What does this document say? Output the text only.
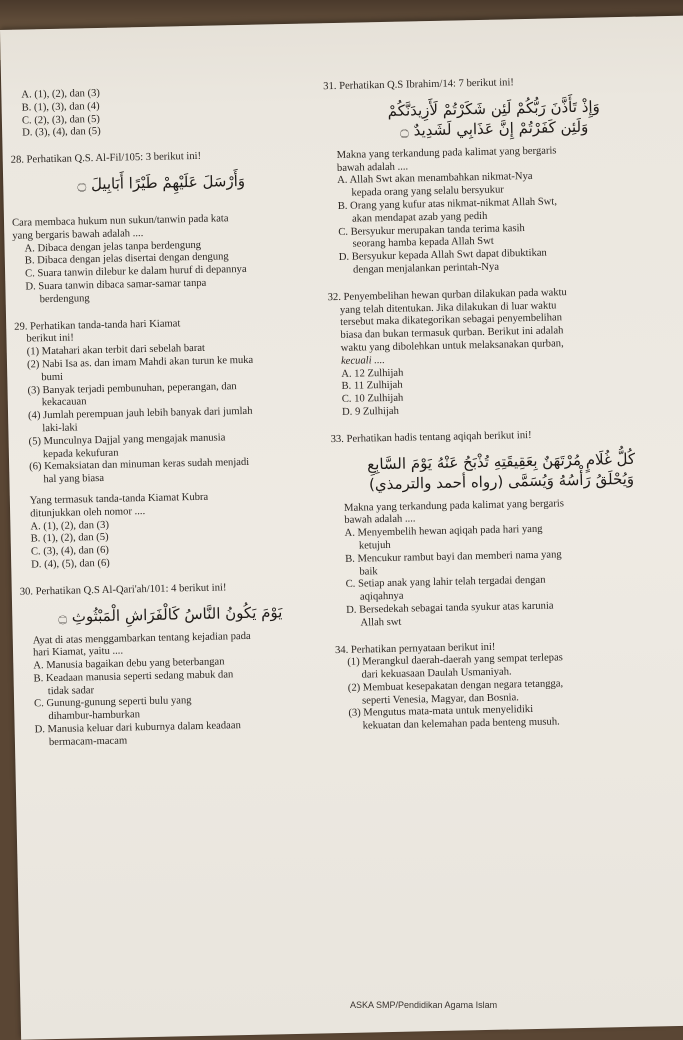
A. (1), (2), dan (3)
B. (1), (3), dan (4)
C. (2), (3), dan (5)
D. (3), (4), dan (5)
28. Perhatikan Q.S. Al-Fil/105: 3 berikut ini!
وَأَرْسَلَ عَلَيْهِمْ طَيْرًا أَبَابِيلَ ۝
Cara membaca hukum nun sukun/tanwin pada kata
yang bergaris bawah adalah ....
A. Dibaca dengan jelas tanpa berdengung
B. Dibaca dengan jelas disertai dengan dengung
C. Suara tanwin dilebur ke dalam huruf di depannya
D. Suara tanwin dibaca samar-samar tanpa
berdengung
29. Perhatikan tanda-tanda hari Kiamat
berikut ini!
(1) Matahari akan terbit dari sebelah barat
(2) Nabi Isa as. dan imam Mahdi akan turun ke muka
bumi
(3) Banyak terjadi pembunuhan, peperangan, dan
kekacauan
(4) Jumlah perempuan jauh lebih banyak dari jumlah
laki-laki
(5) Munculnya Dajjal yang mengajak manusia
kepada kekufuran
(6) Kemaksiatan dan minuman keras sudah menjadi
hal yang biasa
Yang termasuk tanda-tanda Kiamat Kubra
ditunjukkan oleh nomor ....
A. (1), (2), dan (3)
B. (1), (2), dan (5)
C. (3), (4), dan (6)
D. (4), (5), dan (6)
30. Perhatikan Q.S Al-Qari'ah/101: 4 berikut ini!
يَوْمَ يَكُونُ النَّاسُ كَالْفَرَاشِ الْمَبْثُوثِ ۝
Ayat di atas menggambarkan tentang kejadian pada
hari Kiamat, yaitu ....
A. Manusia bagaikan debu yang beterbangan
B. Keadaan manusia seperti sedang mabuk dan
tidak sadar
C. Gunung-gunung seperti bulu yang
dihambur-hamburkan
D. Manusia keluar dari kuburnya dalam keadaan
bermacam-macam
31. Perhatikan Q.S Ibrahim/14: 7 berikut ini!
وَإِذْ تَأَذَّنَ رَبُّكُمْ لَئِن شَكَرْتُمْ لَأَزِيدَنَّكُمْ
وَلَئِن كَفَرْتُمْ إِنَّ عَذَابِي لَشَدِيدٌ ۝
Makna yang terkandung pada kalimat yang bergaris
bawah adalah ....
A. Allah Swt akan menambahkan nikmat-Nya
kepada orang yang selalu bersyukur
B. Orang yang kufur atas nikmat-nikmat Allah Swt,
akan mendapat azab yang pedih
C. Bersyukur merupakan tanda terima kasih
seorang hamba kepada Allah Swt
D. Bersyukur kepada Allah Swt dapat dibuktikan
dengan menjalankan perintah-Nya
32. Penyembelihan hewan qurban dilakukan pada waktu
yang telah ditentukan. Jika dilakukan di luar waktu
tersebut maka dikategorikan sebagai penyembelihan
biasa dan bukan termasuk qurban. Berikut ini adalah
waktu yang dibolehkan untuk melaksanakan qurban,
kecuali ....
A. 12 Zulhijah
B. 11 Zulhijah
C. 10 Zulhijah
D. 9 Zulhijah
33. Perhatikan hadis tentang aqiqah berikut ini!
كُلُّ غُلَامٍ مُرْتَهَنٌ بِعَقِيقَتِهِ تُذْبَحُ عَنْهُ يَوْمَ السَّابِعِ
وَيُحْلَقُ رَأْسُهُ وَيُسَمَّى (رواه أحمد والترمذي)
Makna yang terkandung pada kalimat yang bergaris
bawah adalah ....
A. Menyembelih hewan aqiqah pada hari yang
ketujuh
B. Mencukur rambut bayi dan memberi nama yang
baik
C. Setiap anak yang lahir telah tergadai dengan
aqiqahnya
D. Bersedekah sebagai tanda syukur atas karunia
Allah swt
34. Perhatikan pernyataan berikut ini!
(1) Merangkul daerah-daerah yang sempat terlepas
dari kekuasaan Daulah Usmaniyah.
(2) Membuat kesepakatan dengan negara tetangga,
seperti Venesia, Magyar, dan Bosnia.
(3) Mengutus mata-mata untuk menyelidiki
kekuatan dan kelemahan pada benteng musuh.
ASKA SMP/Pendidikan Agama Islam
